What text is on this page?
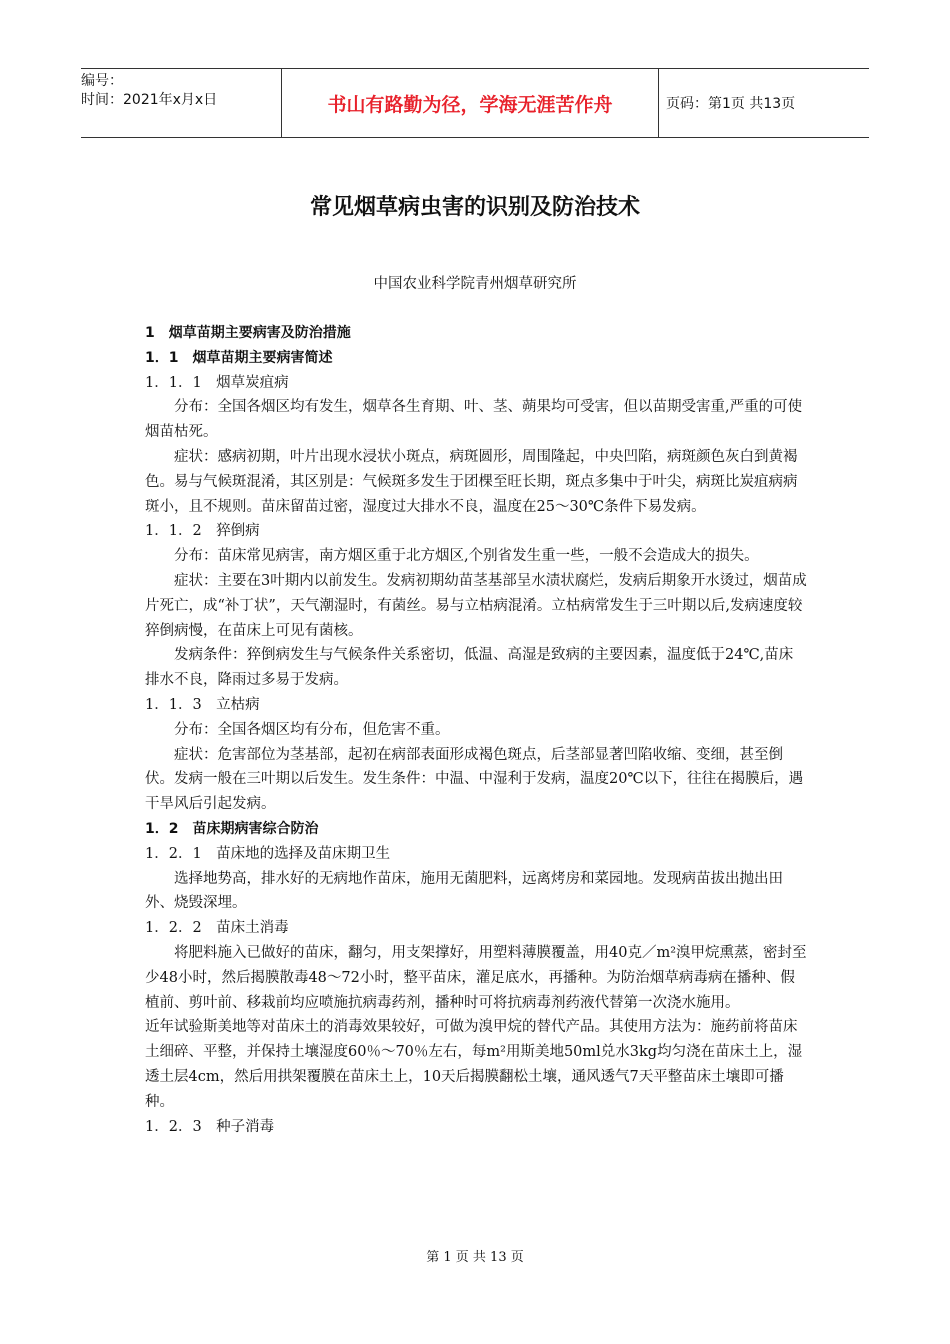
编号：
时间：2021年x月x日	书山有路勤为径，学海无涯苦作舟	页码：第1页 共13页
常见烟草病虫害的识别及防治技术
中国农业科学院青州烟草研究所

1　烟草苗期主要病害及防治措施

1．1　烟草苗期主要病害简述

1．1．1　烟草炭疽病

分布：全国各烟区均有发生，烟草各生育期、叶、茎、蒴果均可受害，但以苗期受害重,严重的可使烟苗枯死。

症状：感病初期，叶片出现水浸状小斑点，病斑圆形，周围隆起，中央凹陷，病斑颜色灰白到黄褐色。易与气候斑混淆，其区别是：气候斑多发生于团棵至旺长期，斑点多集中于叶尖，病斑比炭疽病病斑小，且不规则。苗床留苗过密，湿度过大排水不良，温度在25～30℃条件下易发病。

1．1．2　猝倒病

分布：苗床常见病害，南方烟区重于北方烟区,个别省发生重一些，一般不会造成大的损失。

症状：主要在3叶期内以前发生。发病初期幼苗茎基部呈水渍状腐烂，发病后期象开水烫过，烟苗成片死亡，成“补丁状”，天气潮湿时，有菌丝。易与立枯病混淆。立枯病常发生于三叶期以后,发病速度较猝倒病慢，在苗床上可见有菌核。

发病条件：猝倒病发生与气候条件关系密切，低温、高湿是致病的主要因素，温度低于24℃,苗床排水不良，降雨过多易于发病。

1．1．3　立枯病

分布：全国各烟区均有分布，但危害不重。

症状：危害部位为茎基部，起初在病部表面形成褐色斑点，后茎部显著凹陷收缩、变细，甚至倒伏。发病一般在三叶期以后发生。发生条件：中温、中湿利于发病，温度20℃以下，往往在揭膜后，遇干旱风后引起发病。

1．2　苗床期病害综合防治

1．2．1　苗床地的选择及苗床期卫生

选择地势高，排水好的无病地作苗床，施用无菌肥料，远离烤房和菜园地。发现病苗拔出抛出田外、烧毁深埋。

1．2．2　苗床土消毒

将肥料施入已做好的苗床，翻匀，用支架撑好，用塑料薄膜覆盖，用40克／m²溴甲烷熏蒸，密封至少48小时，然后揭膜散毒48～72小时，整平苗床，灌足底水，再播种。为防治烟草病毒病在播种、假植前、剪叶前、移栽前均应喷施抗病毒药剂，播种时可将抗病毒剂药液代替第一次浇水施用。

近年试验斯美地等对苗床土的消毒效果较好，可做为溴甲烷的替代产品。其使用方法为：施药前将苗床土细碎、平整，并保持土壤湿度60％～70％左右，每m²用斯美地50ml兑水3kg均匀浇在苗床土上，湿透土层4cm，然后用拱架覆膜在苗床土上，10天后揭膜翻松土壤，通风透气7天平整苗床土壤即可播种。

1．2．3　种子消毒

第 1 页 共 13 页
